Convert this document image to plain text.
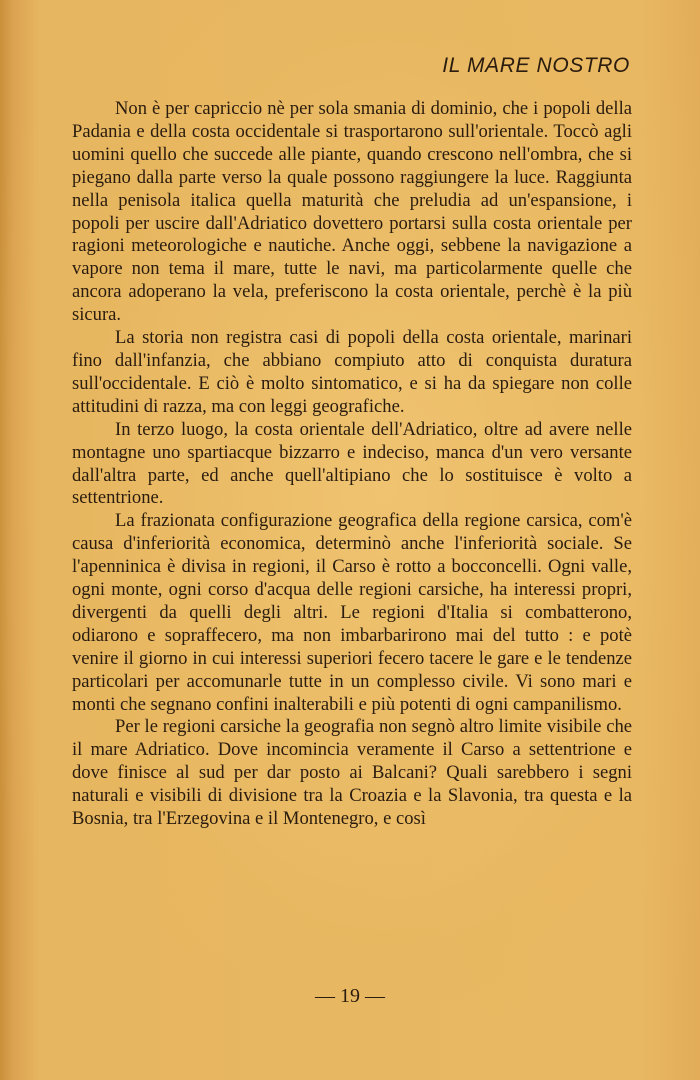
IL MARE NOSTRO

Non è per capriccio nè per sola smania di dominio, che i popoli della Padania e della costa occidentale si trasportarono sull'orientale. Toccò agli uomini quello che succede alle piante, quando crescono nell'ombra, che si piegano dalla parte verso la quale possono raggiungere la luce. Raggiunta nella penisola italica quella maturità che preludia ad un'espansione, i popoli per uscire dall'Adriatico dovettero portarsi sulla costa orientale per ragioni meteorologiche e nautiche. Anche oggi, sebbene la navigazione a vapore non tema il mare, tutte le navi, ma particolarmente quelle che ancora adoperano la vela, preferiscono la costa orientale, perchè è la più sicura.

La storia non registra casi di popoli della costa orientale, marinari fino dall'infanzia, che abbiano compiuto atto di conquista duratura sull'occidentale. E ciò è molto sintomatico, e si ha da spiegare non colle attitudini di razza, ma con leggi geografiche.

In terzo luogo, la costa orientale dell'Adriatico, oltre ad avere nelle montagne uno spartiacque bizzarro e indeciso, manca d'un vero versante dall'altra parte, ed anche quell'altipiano che lo sostituisce è volto a settentrione.

La frazionata configurazione geografica della regione carsica, com'è causa d'inferiorità economica, determinò anche l'inferiorità sociale. Se l'apenninica è divisa in regioni, il Carso è rotto a bocconcelli. Ogni valle, ogni monte, ogni corso d'acqua delle regioni carsiche, ha interessi propri, divergenti da quelli degli altri. Le regioni d'Italia si combatterono, odiarono e sopraffecero, ma non imbarbarirono mai del tutto : e potè venire il giorno in cui interessi superiori fecero tacere le gare e le tendenze particolari per accomunarle tutte in un complesso civile. Vi sono mari e monti che segnano confini inalterabili e più potenti di ogni campanilismo.

Per le regioni carsiche la geografia non segnò altro limite visibile che il mare Adriatico. Dove incomincia veramente il Carso a settentrione e dove finisce al sud per dar posto ai Balcani? Quali sarebbero i segni naturali e visibili di divisione tra la Croazia e la Slavonia, tra questa e la Bosnia, tra l'Erzegovina e il Montenegro, e così

— 19 —
